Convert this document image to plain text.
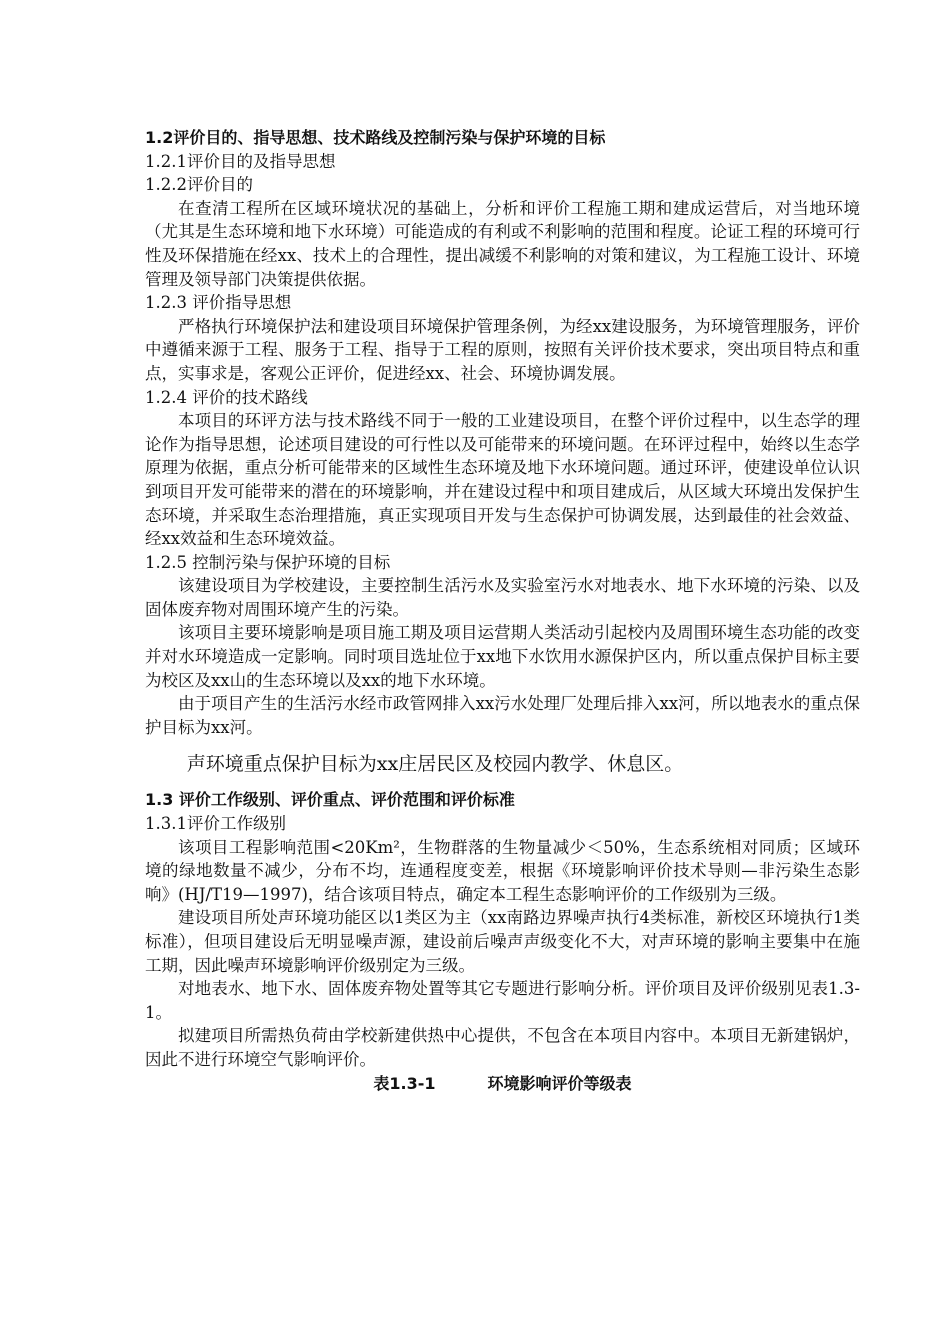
1.2评价目的、指导思想、技术路线及控制污染与保护环境的目标

1.2.1评价目的及指导思想

1.2.2评价目的

在查清工程所在区域环境状况的基础上，分析和评价工程施工期和建成运营后，对当地环境（尤其是生态环境和地下水环境）可能造成的有利或不利影响的范围和程度。论证工程的环境可行性及环保措施在经xx、技术上的合理性，提出减缓不利影响的对策和建议，为工程施工设计、环境管理及领导部门决策提供依据。

1.2.3 评价指导思想

严格执行环境保护法和建设项目环境保护管理条例，为经xx建设服务，为环境管理服务，评价中遵循来源于工程、服务于工程、指导于工程的原则，按照有关评价技术要求，突出项目特点和重点，实事求是，客观公正评价，促进经xx、社会、环境协调发展。

1.2.4 评价的技术路线

本项目的环评方法与技术路线不同于一般的工业建设项目，在整个评价过程中，以生态学的理论作为指导思想，论述项目建设的可行性以及可能带来的环境问题。在环评过程中，始终以生态学原理为依据，重点分析可能带来的区域性生态环境及地下水环境问题。通过环评，使建设单位认识到项目开发可能带来的潜在的环境影响，并在建设过程中和项目建成后，从区域大环境出发保护生态环境，并采取生态治理措施，真正实现项目开发与生态保护可协调发展，达到最佳的社会效益、经xx效益和生态环境效益。

1.2.5 控制污染与保护环境的目标

该建设项目为学校建设，主要控制生活污水及实验室污水对地表水、地下水环境的污染、以及固体废弃物对周围环境产生的污染。

该项目主要环境影响是项目施工期及项目运营期人类活动引起校内及周围环境生态功能的改变并对水环境造成一定影响。同时项目选址位于xx地下水饮用水源保护区内，所以重点保护目标主要为校区及xx山的生态环境以及xx的地下水环境。

由于项目产生的生活污水经市政管网排入xx污水处理厂处理后排入xx河，所以地表水的重点保护目标为xx河。

声环境重点保护目标为xx庄居民区及校园内教学、休息区。

1.3 评价工作级别、评价重点、评价范围和评价标准

1.3.1评价工作级别

该项目工程影响范围<20Km²，生物群落的生物量减少＜50%，生态系统相对同质；区域环境的绿地数量不减少，分布不均，连通程度变差，根据《环境影响评价技术导则—非污染生态影响》(HJ/T19—1997)，结合该项目特点，确定本工程生态影响评价的工作级别为三级。

建设项目所处声环境功能区以1类区为主（xx南路边界噪声执行4类标准，新校区环境执行1类标准），但项目建设后无明显噪声源，建设前后噪声声级变化不大，对声环境的影响主要集中在施工期，因此噪声环境影响评价级别定为三级。

对地表水、地下水、固体废弃物处置等其它专题进行影响分析。评价项目及评价级别见表1.3-1。

拟建项目所需热负荷由学校新建供热中心提供，不包含在本项目内容中。本项目无新建锅炉，因此不进行环境空气影响评价。

表1.3-1	环境影响评价等级表
